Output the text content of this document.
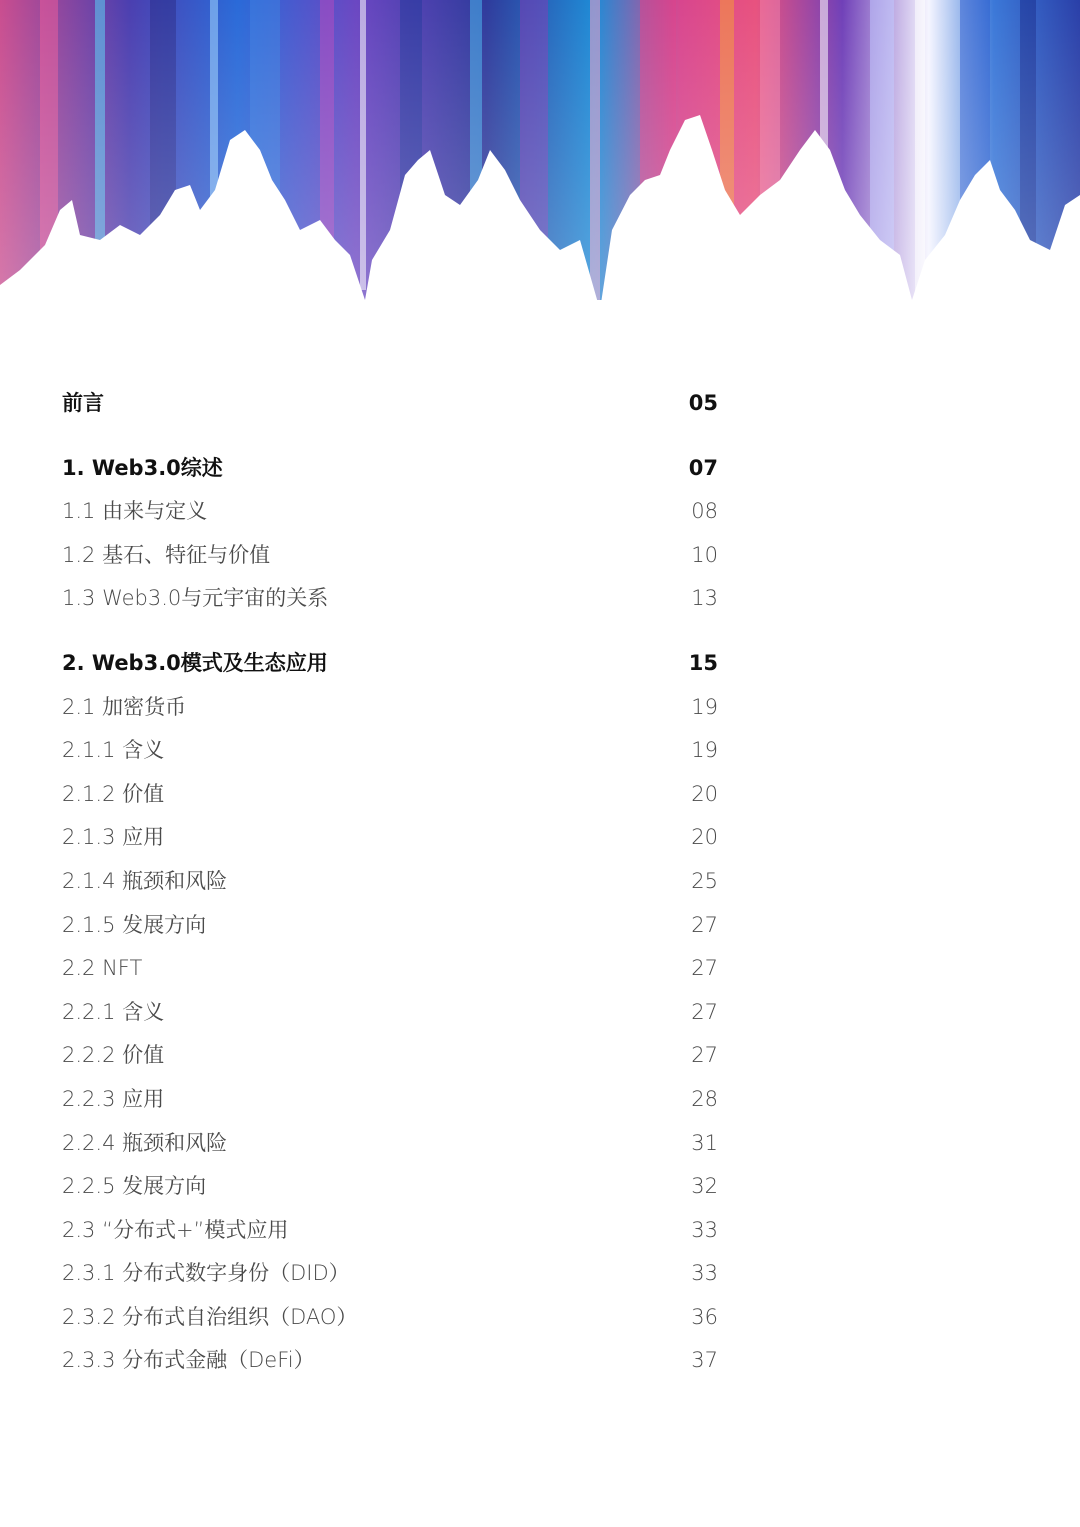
前言	05
1. Web3.0综述	07
1.1 由来与定义	08
1.2 基石、特征与价值	10
1.3 Web3.0与元宇宙的关系	13
2. Web3.0模式及生态应用	15
2.1 加密货币	19
2.1.1 含义	19
2.1.2 价值	20
2.1.3 应用	20
2.1.4 瓶颈和风险	25
2.1.5 发展方向	27
2.2 NFT	27
2.2.1 含义	27
2.2.2 价值	27
2.2.3 应用	28
2.2.4 瓶颈和风险	31
2.2.5 发展方向	32
2.3 “分布式+”模式应用	33
2.3.1 分布式数字身份（DID）	33
2.3.2 分布式自治组织（DAO）	36
2.3.3 分布式金融（DeFi）	37
